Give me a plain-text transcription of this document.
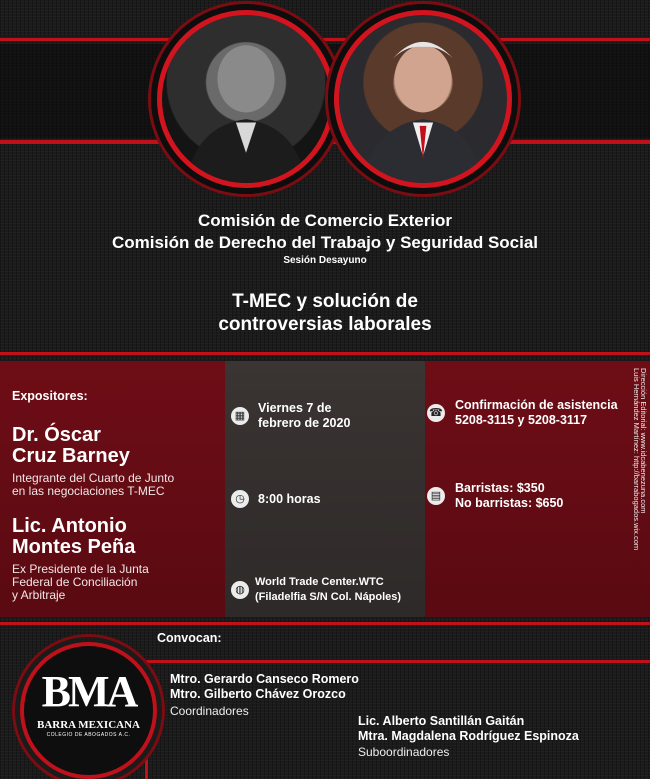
Comisión de Comercio Exterior
Comisión de Derecho del Trabajo y Seguridad Social
Sesión Desayuno
T-MEC y solución de
controversias laborales
Expositores:
Dr. Óscar
Cruz Barney
Integrante del Cuarto de Junto
en las negociaciones T-MEC
Lic. Antonio
Montes Peña
Ex Presidente de la Junta
Federal de Conciliación
y Arbitraje
▦
Viernes 7 de
febrero de 2020
◷	8:00 horas
◍
World Trade Center.WTC
(Filadelfia S/N Col. Nápoles)
☎
Confirmación de asistencia
5208-3115 y 5208-3117
▤
Barristas: $350
No barristas: $650	Dirección Editorial: www.idcabenezuna.com
Luis Hernández Martínez: http://barrabogados.wix.com
Convocan:
BMA
BARRA MEXICANA
COLEGIO DE ABOGADOS A.C.
Mtro. Gerardo Canseco Romero
Mtro. Gilberto Chávez Orozco
Coordinadores
Lic. Alberto Santillán Gaitán
Mtra. Magdalena Rodríguez Espinoza
Suboordinadores
